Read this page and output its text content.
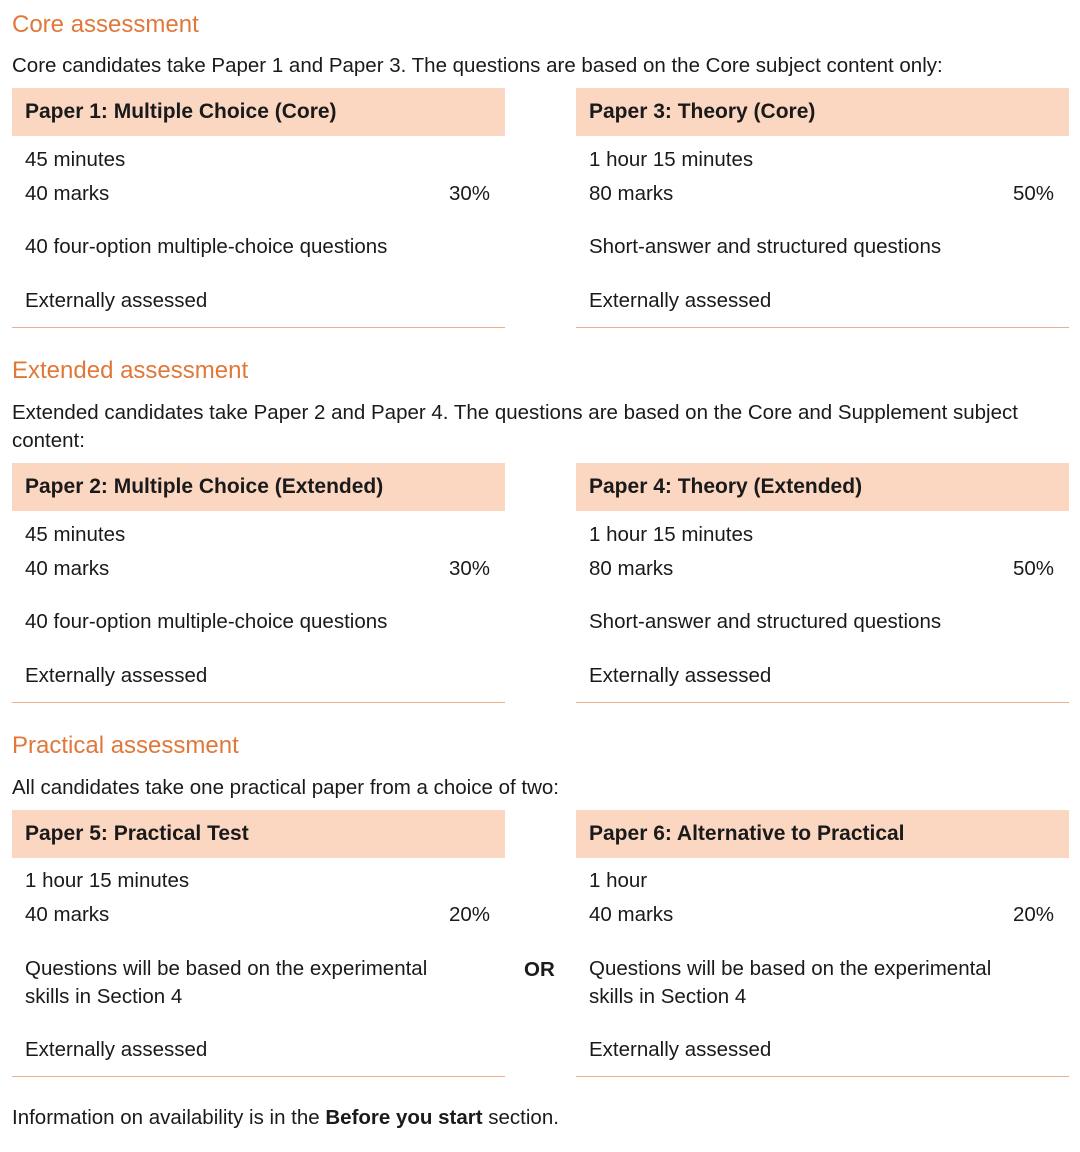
Core assessment

Core candidates take Paper 1 and Paper 3. The questions are based on the Core subject content only:

Paper 1: Multiple Choice (Core)
45 minutes
40 marks	30%
40 four-option multiple-choice questions
Externally assessed
Paper 3: Theory (Core)
1 hour 15 minutes
80 marks	50%
Short-answer and structured questions
Externally assessed
Extended assessment

Extended candidates take Paper 2 and Paper 4. The questions are based on the Core and Supplement subject content:

Paper 2: Multiple Choice (Extended)
45 minutes
40 marks	30%
40 four-option multiple-choice questions
Externally assessed
Paper 4: Theory (Extended)
1 hour 15 minutes
80 marks	50%
Short-answer and structured questions
Externally assessed
Practical assessment

All candidates take one practical paper from a choice of two:

Paper 5: Practical Test
1 hour 15 minutes
40 marks	20%
Questions will be based on the experimental
skills in Section 4
Externally assessed
OR
Paper 6: Alternative to Practical
1 hour
40 marks	20%
Questions will be based on the experimental
skills in Section 4
Externally assessed

Information on availability is in the Before you start section.
